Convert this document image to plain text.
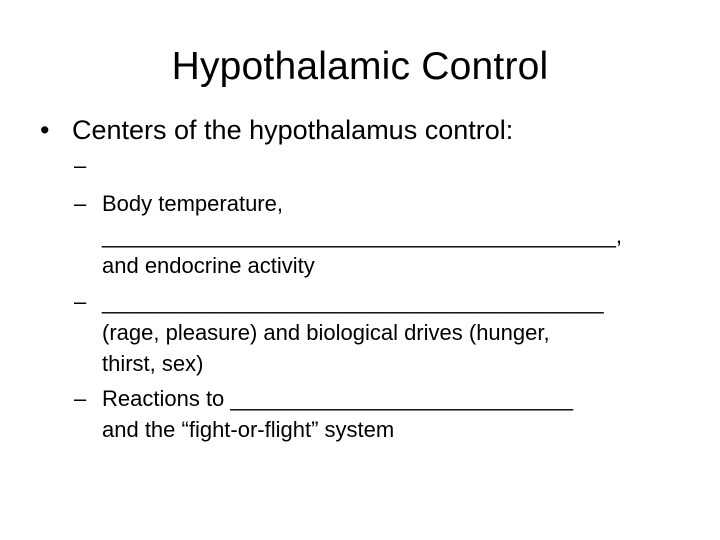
Hypothalamic Control
• Centers of the hypothalamus control:
–
– Body temperature,
__________________________________________,
and endocrine activity
– _________________________________________
(rage, pleasure) and biological drives (hunger,
thirst, sex)
– Reactions to ____________________________
and the “fight-or-flight” system
